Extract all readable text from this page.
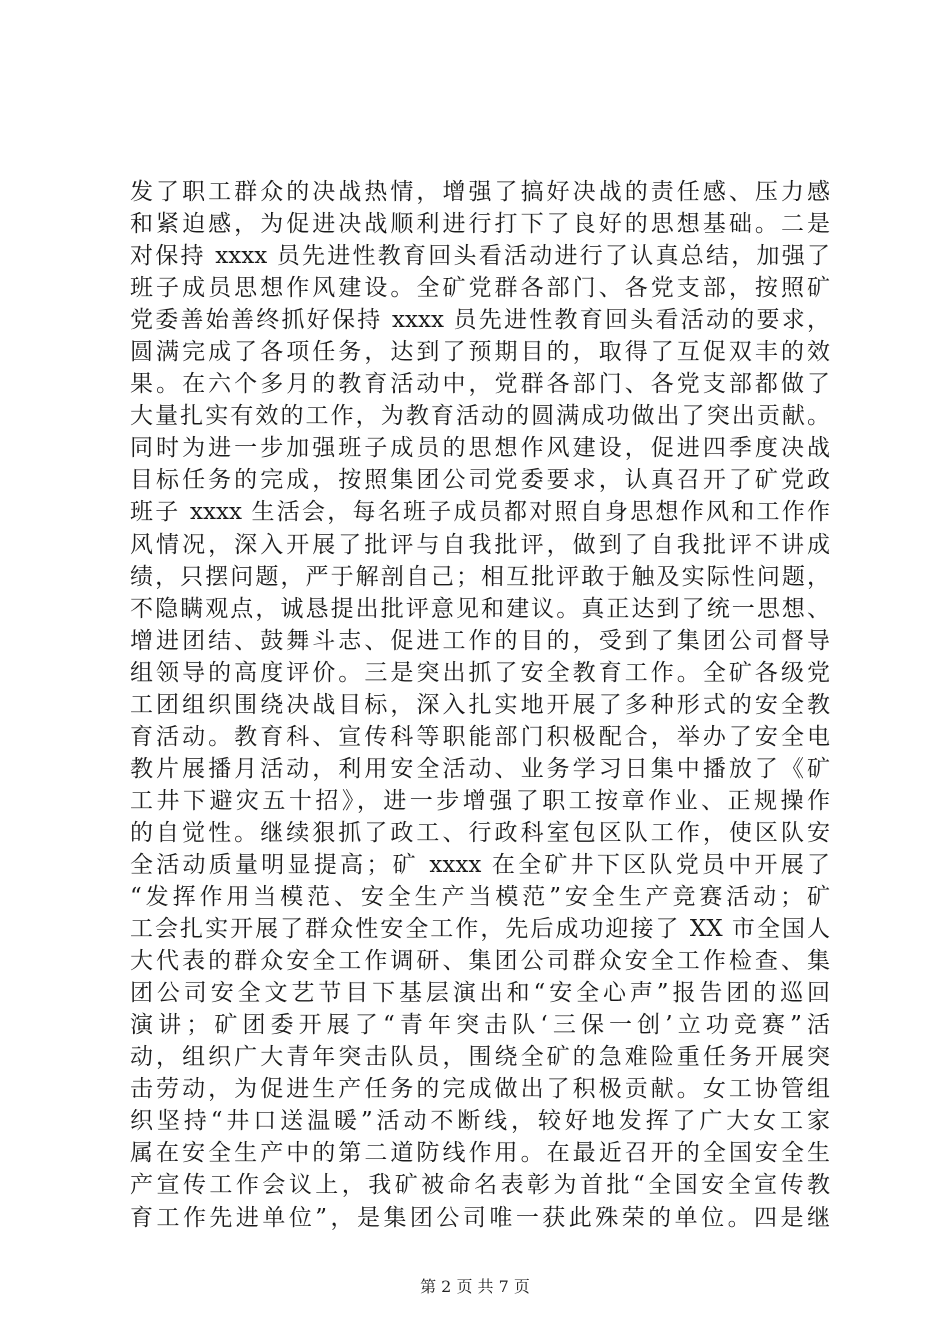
发了职工群众的决战热情，增强了搞好决战的责任感、压力感
和紧迫感，为促进决战顺利进行打下了良好的思想基础。二是
对保持 xxxx 员先进性教育回头看活动进行了认真总结，加强了
班子成员思想作风建设。全矿党群各部门、各党支部，按照矿
党委善始善终抓好保持 xxxx 员先进性教育回头看活动的要求，
圆满完成了各项任务，达到了预期目的，取得了互促双丰的效
果。在六个多月的教育活动中，党群各部门、各党支部都做了
大量扎实有效的工作，为教育活动的圆满成功做出了突出贡献。
同时为进一步加强班子成员的思想作风建设，促进四季度决战
目标任务的完成，按照集团公司党委要求，认真召开了矿党政
班子 xxxx 生活会，每名班子成员都对照自身思想作风和工作作
风情况，深入开展了批评与自我批评，做到了自我批评不讲成
绩，只摆问题，严于解剖自己；相互批评敢于触及实际性问题，
不隐瞒观点，诚恳提出批评意见和建议。真正达到了统一思想、
增进团结、鼓舞斗志、促进工作的目的，受到了集团公司督导
组领导的高度评价。三是突出抓了安全教育工作。全矿各级党
工团组织围绕决战目标，深入扎实地开展了多种形式的安全教
育活动。教育科、宣传科等职能部门积极配合，举办了安全电
教片展播月活动，利用安全活动、业务学习日集中播放了《矿
工井下避灾五十招》，进一步增强了职工按章作业、正规操作
的自觉性。继续狠抓了政工、行政科室包区队工作，使区队安
全活动质量明显提高；矿 xxxx 在全矿井下区队党员中开展了
“发挥作用当模范、安全生产当模范”安全生产竞赛活动；矿
工会扎实开展了群众性安全工作，先后成功迎接了 XX 市全国人
大代表的群众安全工作调研、集团公司群众安全工作检查、集
团公司安全文艺节目下基层演出和“安全心声”报告团的巡回
演讲；矿团委开展了“青年突击队‘三保一创’立功竞赛”活
动，组织广大青年突击队员，围绕全矿的急难险重任务开展突
击劳动，为促进生产任务的完成做出了积极贡献。女工协管组
织坚持“井口送温暖”活动不断线，较好地发挥了广大女工家
属在安全生产中的第二道防线作用。在最近召开的全国安全生
产宣传工作会议上，我矿被命名表彰为首批“全国安全宣传教
育工作先进单位”，是集团公司唯一获此殊荣的单位。四是继
第 2 页 共 7 页
